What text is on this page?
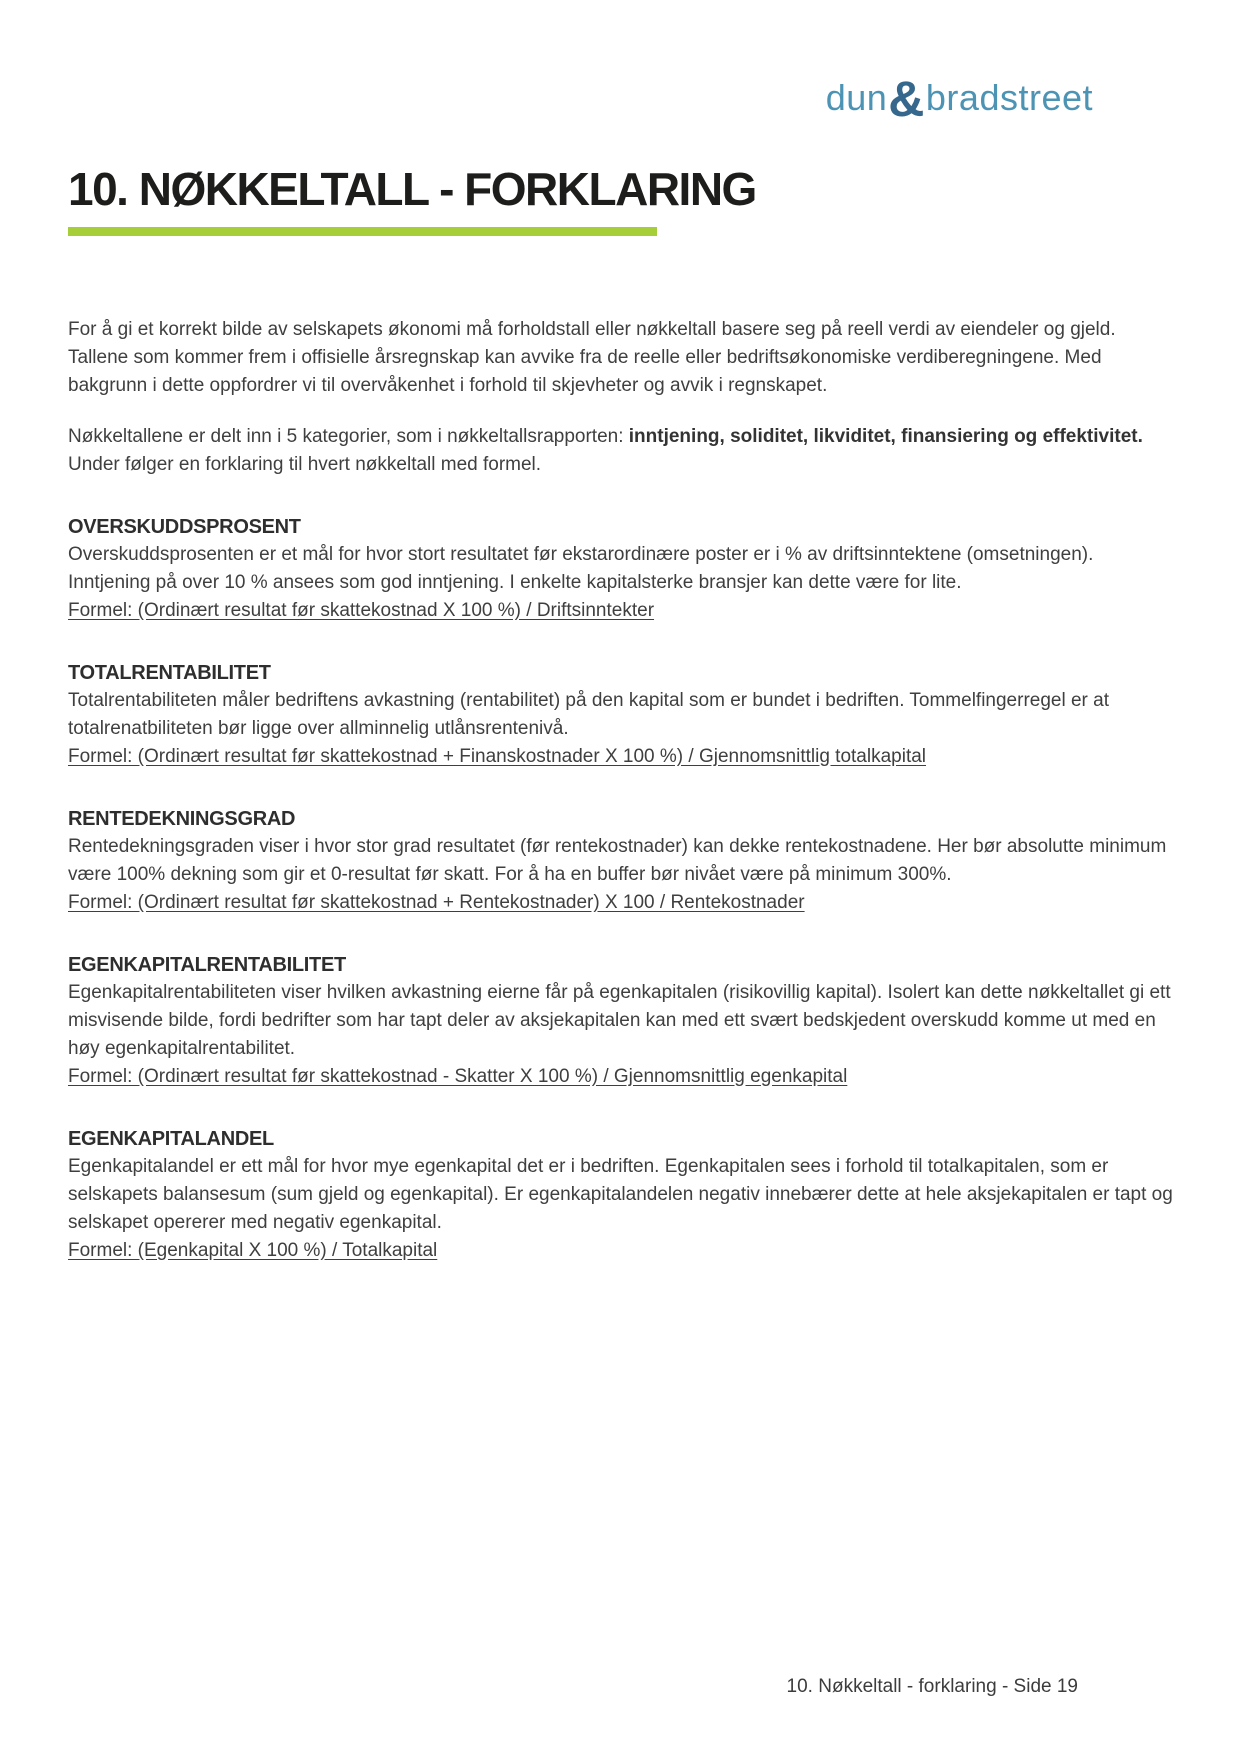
dun&bradstreet
10. NØKKELTALL - FORKLARING

For å gi et korrekt bilde av selskapets økonomi må forholdstall eller nøkkeltall basere seg på reell verdi av eiendeler og gjeld. Tallene som kommer frem i offisielle årsregnskap kan avvike fra de reelle eller bedriftsøkonomiske verdiberegningene. Med bakgrunn i dette oppfordrer vi til overvåkenhet i forhold til skjevheter og avvik i regnskapet.

Nøkkeltallene er delt inn i 5 kategorier, som i nøkkeltallsrapporten: inntjening, soliditet, likviditet, finansiering og effektivitet. Under følger en forklaring til hvert nøkkeltall med formel.

OVERSKUDDSPROSENT
Overskuddsprosenten er et mål for hvor stort resultatet før ekstarordinære poster er i % av driftsinntektene (omsetningen). Inntjening på over 10 % ansees som god inntjening. I enkelte kapitalsterke bransjer kan dette være for lite.
Formel: (Ordinært resultat før skattekostnad X 100 %) / Driftsinntekter
TOTALRENTABILITET
Totalrentabiliteten måler bedriftens avkastning (rentabilitet) på den kapital som er bundet i bedriften. Tommelfingerregel er at totalrenatbiliteten bør ligge over allminnelig utlånsrentenivå.
Formel: (Ordinært resultat før skattekostnad + Finanskostnader X 100 %) / Gjennomsnittlig totalkapital
RENTEDEKNINGSGRAD
Rentedekningsgraden viser i hvor stor grad resultatet (før rentekostnader) kan dekke rentekostnadene. Her bør absolutte minimum være 100% dekning som gir et 0-resultat før skatt. For å ha en buffer bør nivået være på minimum 300%.
Formel: (Ordinært resultat før skattekostnad + Rentekostnader) X 100 / Rentekostnader
EGENKAPITALRENTABILITET
Egenkapitalrentabiliteten viser hvilken avkastning eierne får på egenkapitalen (risikovillig kapital). Isolert kan dette nøkkeltallet gi ett misvisende bilde, fordi bedrifter som har tapt deler av aksjekapitalen kan med ett svært bedskjedent overskudd komme ut med en høy egenkapitalrentabilitet.
Formel: (Ordinært resultat før skattekostnad - Skatter X 100 %) / Gjennomsnittlig egenkapital
EGENKAPITALANDEL
Egenkapitalandel er ett mål for hvor mye egenkapital det er i bedriften. Egenkapitalen sees i forhold til totalkapitalen, som er selskapets balansesum (sum gjeld og egenkapital). Er egenkapitalandelen negativ innebærer dette at hele aksjekapitalen er tapt og selskapet opererer med negativ egenkapital.
Formel: (Egenkapital X 100 %) / Totalkapital
10. Nøkkeltall - forklaring - Side 19
